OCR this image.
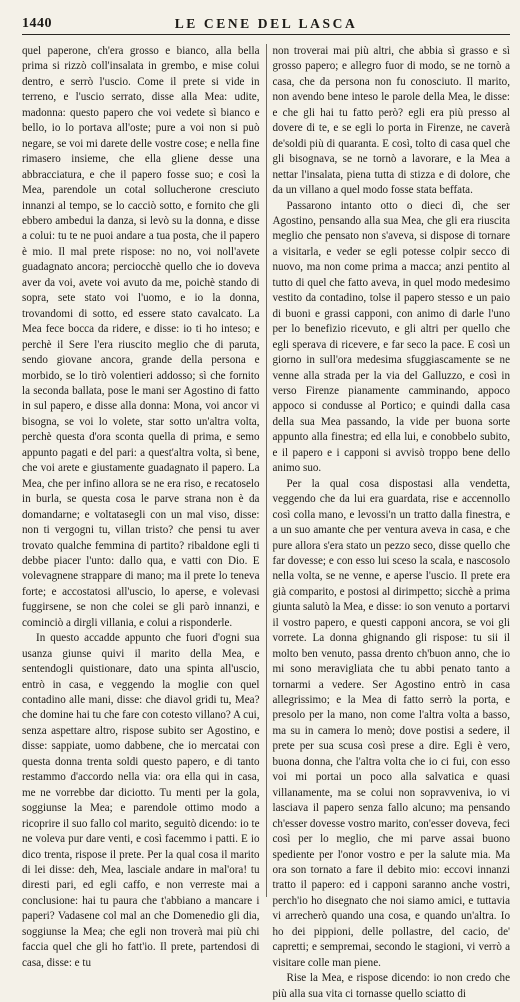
1440	LE CENE DEL LASCA

quel paperone, ch'era grosso e bianco, alla bella prima si rizzò coll'insalata in grembo, e mise colui dentro, e serrò l'uscio. Come il prete si vide in terreno, e l'uscio serrato, disse alla Mea: udite, madonna: questo papero che voi vedete sì bianco e bello, io lo portava all'oste; pure a voi non si può negare, se voi mi darete delle vostre cose; e nella fine rimasero insieme, che ella gliene desse una abbracciatura, e che il papero fosse suo; e così la Mea, parendole un cotal sollucherone cresciuto innanzi al tempo, se lo cacciò sotto, e fornito che gli ebbero ambedui la danza, si levò su la donna, e disse a colui: tu te ne puoi andare a tua posta, che il papero è mio. Il mal prete rispose: no no, voi noll'avete guadagnato ancora; perciocchè quello che io doveva aver da voi, avete voi avuto da me, poichè stando di sopra, sete stato voi l'uomo, e io la donna, trovandomi di sotto, ed essere stato cavalcato. La Mea fece bocca da ridere, e disse: io ti ho inteso; e perchè il Sere l'era riuscito meglio che di paruta, sendo giovane ancora, grande della persona e morbido, se lo tirò volentieri addosso; sì che fornito la seconda ballata, pose le mani ser Agostino di fatto in sul papero, e disse alla donna: Mona, voi ancor vi bisogna, se voi lo volete, star sotto un'altra volta, perchè questa d'ora sconta quella di prima, e semo appunto pagati e del pari: a quest'altra volta, sì bene, che voi arete e giustamente guadagnato il papero. La Mea, che per infino allora se ne era riso, e recatoselo in burla, se questa cosa le parve strana non è da domandarne; e voltatasegli con un mal viso, disse: non ti vergogni tu, villan tristo? che pensi tu aver trovato qualche femmina di partito? ribaldone egli ti debbe piacer l'unto: dallo qua, e vatti con Dio. E volevagnene strappare di mano; ma il prete lo teneva forte; e accostatosi all'uscio, lo aperse, e volevasi fuggirsene, se non che colei se gli parò innanzi, e cominciò a dirgli villania, e colui a risponderle.

In questo accadde appunto che fuori d'ogni sua usanza giunse quivi il marito della Mea, e sentendogli quistionare, dato una spinta all'uscio, entrò in casa, e veggendo la moglie con quel contadino alle mani, disse: che diavol gridi tu, Mea? che domine hai tu che fare con cotesto villano? A cui, senza aspettare altro, rispose subito ser Agostino, e disse: sappiate, uomo dabbene, che io mercatai con questa donna trenta soldi questo papero, e di tanto restammo d'accordo nella via: ora ella qui in casa, me ne vorrebbe dar diciotto. Tu menti per la gola, soggiunse la Mea; e parendole ottimo modo a ricoprire il suo fallo col marito, seguitò dicendo: io te ne voleva pur dare venti, e così facemmo i patti. E io dico trenta, rispose il prete. Per la qual cosa il marito di lei disse: deh, Mea, lasciale andare in mal'ora! tu diresti pari, ed egli caffo, e non verreste mai a conclusione: hai tu paura che t'abbiano a mancare i paperi? Vadasene col mal an che Domenedio gli dia, soggiunse la Mea; che egli non troverà mai più chi faccia quel che gli ho fatt'io. Il prete, partendosi di casa, disse: e tu

non troverai mai più altri, che abbia sì grasso e sì grosso papero; e allegro fuor di modo, se ne tornò a casa, che da persona non fu conosciuto. Il marito, non avendo bene inteso le parole della Mea, le disse: e che gli hai tu fatto però? egli era più presso al dovere di te, e se egli lo porta in Firenze, ne caverà de'soldi più di quaranta. E così, tolto di casa quel che gli bisognava, se ne tornò a lavorare, e la Mea a nettar l'insalata, piena tutta di stizza e di dolore, che da un villano a quel modo fosse stata beffata.

Passarono intanto otto o dieci dì, che ser Agostino, pensando alla sua Mea, che gli era riuscita meglio che pensato non s'aveva, si dispose di tornare a visitarla, e veder se egli potesse colpir secco di nuovo, ma non come prima a macca; anzi pentito al tutto di quel che fatto aveva, in quel modo medesimo vestito da contadino, tolse il papero stesso e un paio di buoni e grassi capponi, con animo di darle l'uno per lo benefizio ricevuto, e gli altri per quello che egli sperava di ricevere, e far seco la pace. E così un giorno in sull'ora medesima sfuggiascamente se ne venne alla strada per la via del Galluzzo, e così in verso Firenze pianamente camminando, appoco appoco si condusse al Portico; e quindi dalla casa della sua Mea passando, la vide per buona sorte appunto alla finestra; ed ella lui, e conobbelo subito, e il papero e i capponi si avvisò troppo bene dello animo suo.

Per la qual cosa dispostasi alla vendetta, veggendo che da lui era guardata, rise e accennollo così colla mano, e levossi'n un tratto dalla finestra, e a un suo amante che per ventura aveva in casa, e che pure allora s'era stato un pezzo seco, disse quello che far dovesse; e con esso lui sceso la scala, e nascosolo nella volta, se ne venne, e aperse l'uscio. Il prete era già comparito, e postosi al dirimpetto; sicchè a prima giunta salutò la Mea, e disse: io son venuto a portarvi il vostro papero, e questi capponi ancora, se voi gli vorrete. La donna ghignando gli rispose: tu sii il molto ben venuto, passa drento ch'buon anno, che io mi sono meravigliata che tu abbi penato tanto a tornarmi a vedere. Ser Agostino entrò in casa allegrissimo; e la Mea di fatto serrò la porta, e presolo per la mano, non come l'altra volta a basso, ma su in camera lo menò; dove postisi a sedere, il prete per sua scusa così prese a dire. Egli è vero, buona donna, che l'altra volta che io ci fui, con esso voi mi portai un poco alla salvatica e quasi villanamente, ma se colui non sopravveniva, io vi lasciava il papero senza fallo alcuno; ma pensando ch'esser dovesse vostro marito, con'esser doveva, feci così per lo meglio, che mi parve assai buono spediente per l'onor vostro e per la salute mia. Ma ora son tornato a fare il debito mio: eccovi innanzi tratto il papero: ed i capponi saranno anche vostri, perch'io ho disegnato che noi siamo amici, e tuttavia vi arrecherò quando una cosa, e quando un'altra. Io ho dei pippioni, delle pollastre, del cacio, de' capretti; e sempremai, secondo le stagioni, vi verrò a visitare colle man piene.

Rise la Mea, e rispose dicendo: io non credo che più alla sua vita ci tornasse quello sciatto di
